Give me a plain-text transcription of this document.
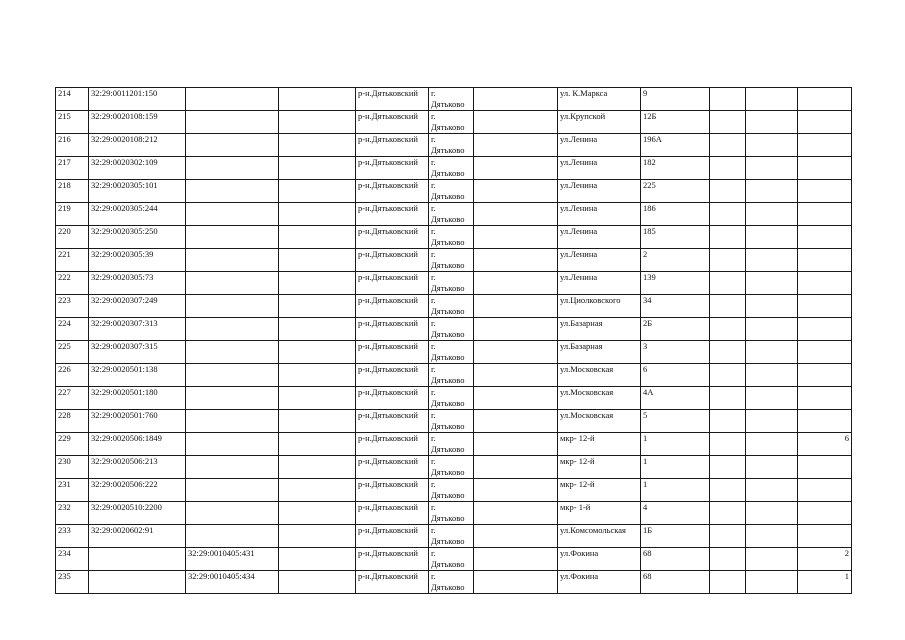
214	32:29:0011201:150			р-н.Дятьковский	г.
Дятьково		ул. К.Маркса	9			
215	32:29:0020108:159			р-н.Дятьковский	г.
Дятьково		ул.Крупской	12Б			
216	32:29:0020108:212			р-н.Дятьковский	г.
Дятьково		ул.Ленина	196А			
217	32:29:0020302:109			р-н.Дятьковский	г.
Дятьково		ул.Ленина	182			
218	32:29:0020305:101			р-н.Дятьковский	г.
Дятьково		ул.Ленина	225			
219	32:29:0020305:244			р-н.Дятьковский	г.
Дятьково		ул.Ленина	186			
220	32:29:0020305:250			р-н.Дятьковский	г.
Дятьково		ул.Ленина	185			
221	32:29:0020305:39			р-н.Дятьковский	г.
Дятьково		ул.Ленина	2			
222	32:29:0020305:73			р-н.Дятьковский	г.
Дятьково		ул.Ленина	139			
223	32:29:0020307:249			р-н.Дятьковский	г.
Дятьково		ул.Циолковского	34			
224	32:29:0020307:313			р-н.Дятьковский	г.
Дятьково		ул.Базарная	2Б			
225	32:29:0020307:315			р-н.Дятьковский	г.
Дятьково		ул.Базарная	3			
226	32:29:0020501:138			р-н.Дятьковский	г.
Дятьково		ул.Московская	6			
227	32:29:0020501:180			р-н.Дятьковский	г.
Дятьково		ул.Московская	4А			
228	32:29:0020501:760			р-н.Дятьковский	г.
Дятьково		ул.Московская	5			
229	32:29:0020506:1849			р-н.Дятьковский	г.
Дятьково		мкр- 12-й	1			6
230	32:29:0020506:213			р-н.Дятьковский	г.
Дятьково		мкр- 12-й	1			
231	32:29:0020506:222			р-н.Дятьковский	г.
Дятьково		мкр- 12-й	1			
232	32:29:0020510:2200			р-н.Дятьковский	г.
Дятьково		мкр- 1-й	4			
233	32:29:0020602:91			р-н.Дятьковский	г.
Дятьково		ул.Комсомольская	1Б			
234		32:29:0010405:431		р-н.Дятьковский	г.
Дятьково		ул.Фокина	68			2
235		32:29:0010405:434		р-н.Дятьковский	г.
Дятьково		ул.Фокина	68			1
